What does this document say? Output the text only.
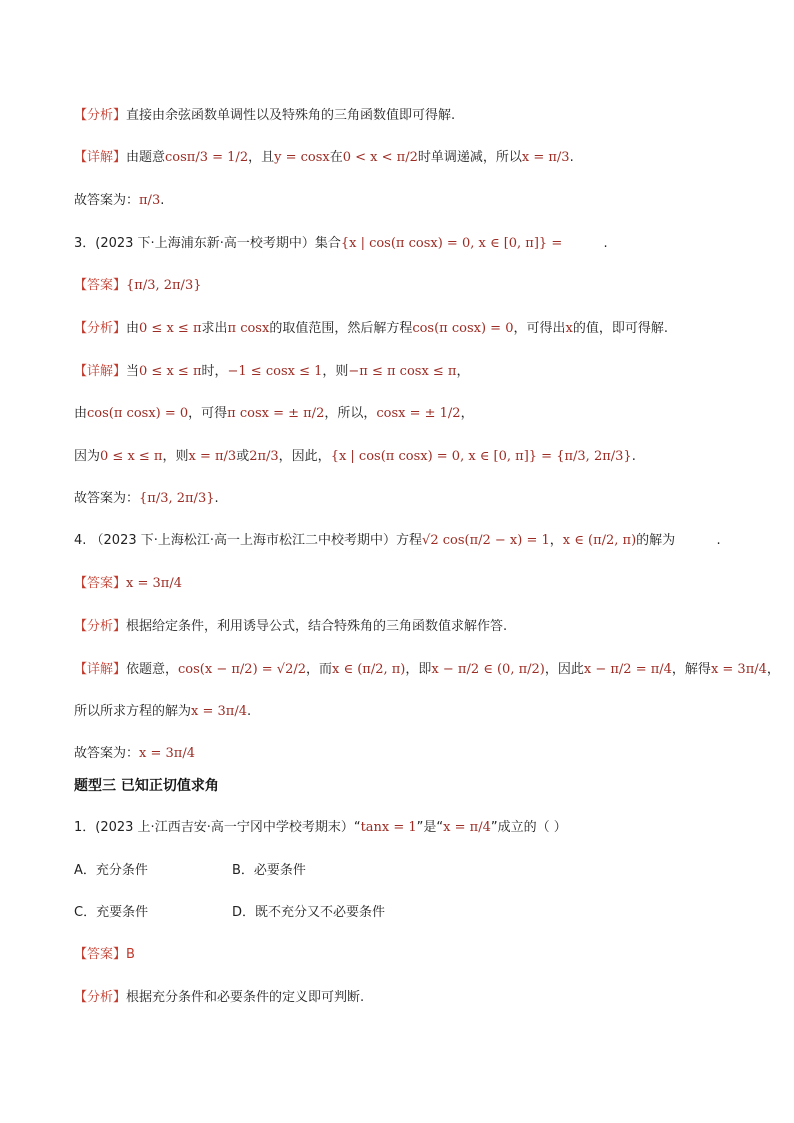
【分析】直接由余弦函数单调性以及特殊角的三角函数值即可得解.
【详解】由题意cosπ/3 = 1/2，且y = cosx在0 < x < π/2时单调递减，所以x = π/3.
故答案为：π/3.
3．(2023 下·上海浦东新·高一校考期中）集合{x | cos(π cosx) = 0, x ∈ [0, π]} =          .
【答案】{π/3, 2π/3}
【分析】由0 ≤ x ≤ π求出π cosx的取值范围，然后解方程cos(π cosx) = 0，可得出x的值，即可得解.
【详解】当0 ≤ x ≤ π时，−1 ≤ cosx ≤ 1，则−π ≤ π cosx ≤ π，
由cos(π cosx) = 0，可得π cosx = ± π/2，所以，cosx = ± 1/2，
因为0 ≤ x ≤ π，则x = π/3或2π/3，因此，{x | cos(π cosx) = 0, x ∈ [0, π]} = {π/3, 2π/3}.
故答案为：{π/3, 2π/3}.
4. （2023 下·上海松江·高一上海市松江二中校考期中）方程√2 cos(π/2 − x) = 1，x ∈ (π/2, π)的解为          .
【答案】x = 3π/4
【分析】根据给定条件，利用诱导公式，结合特殊角的三角函数值求解作答.
【详解】依题意，cos(x − π/2) = √2/2，而x ∈ (π/2, π)，即x − π/2 ∈ (0, π/2)，因此x − π/2 = π/4，解得x = 3π/4，
所以所求方程的解为x = 3π/4.
故答案为：x = 3π/4
题型三 已知正切值求角
1．(2023 上·江西吉安·高一宁冈中学校考期末）“tanx = 1”是“x = π/4”成立的（ ）
A．充分条件	B．必要条件
C．充要条件	D．既不充分又不必要条件
【答案】B
【分析】根据充分条件和必要条件的定义即可判断.
